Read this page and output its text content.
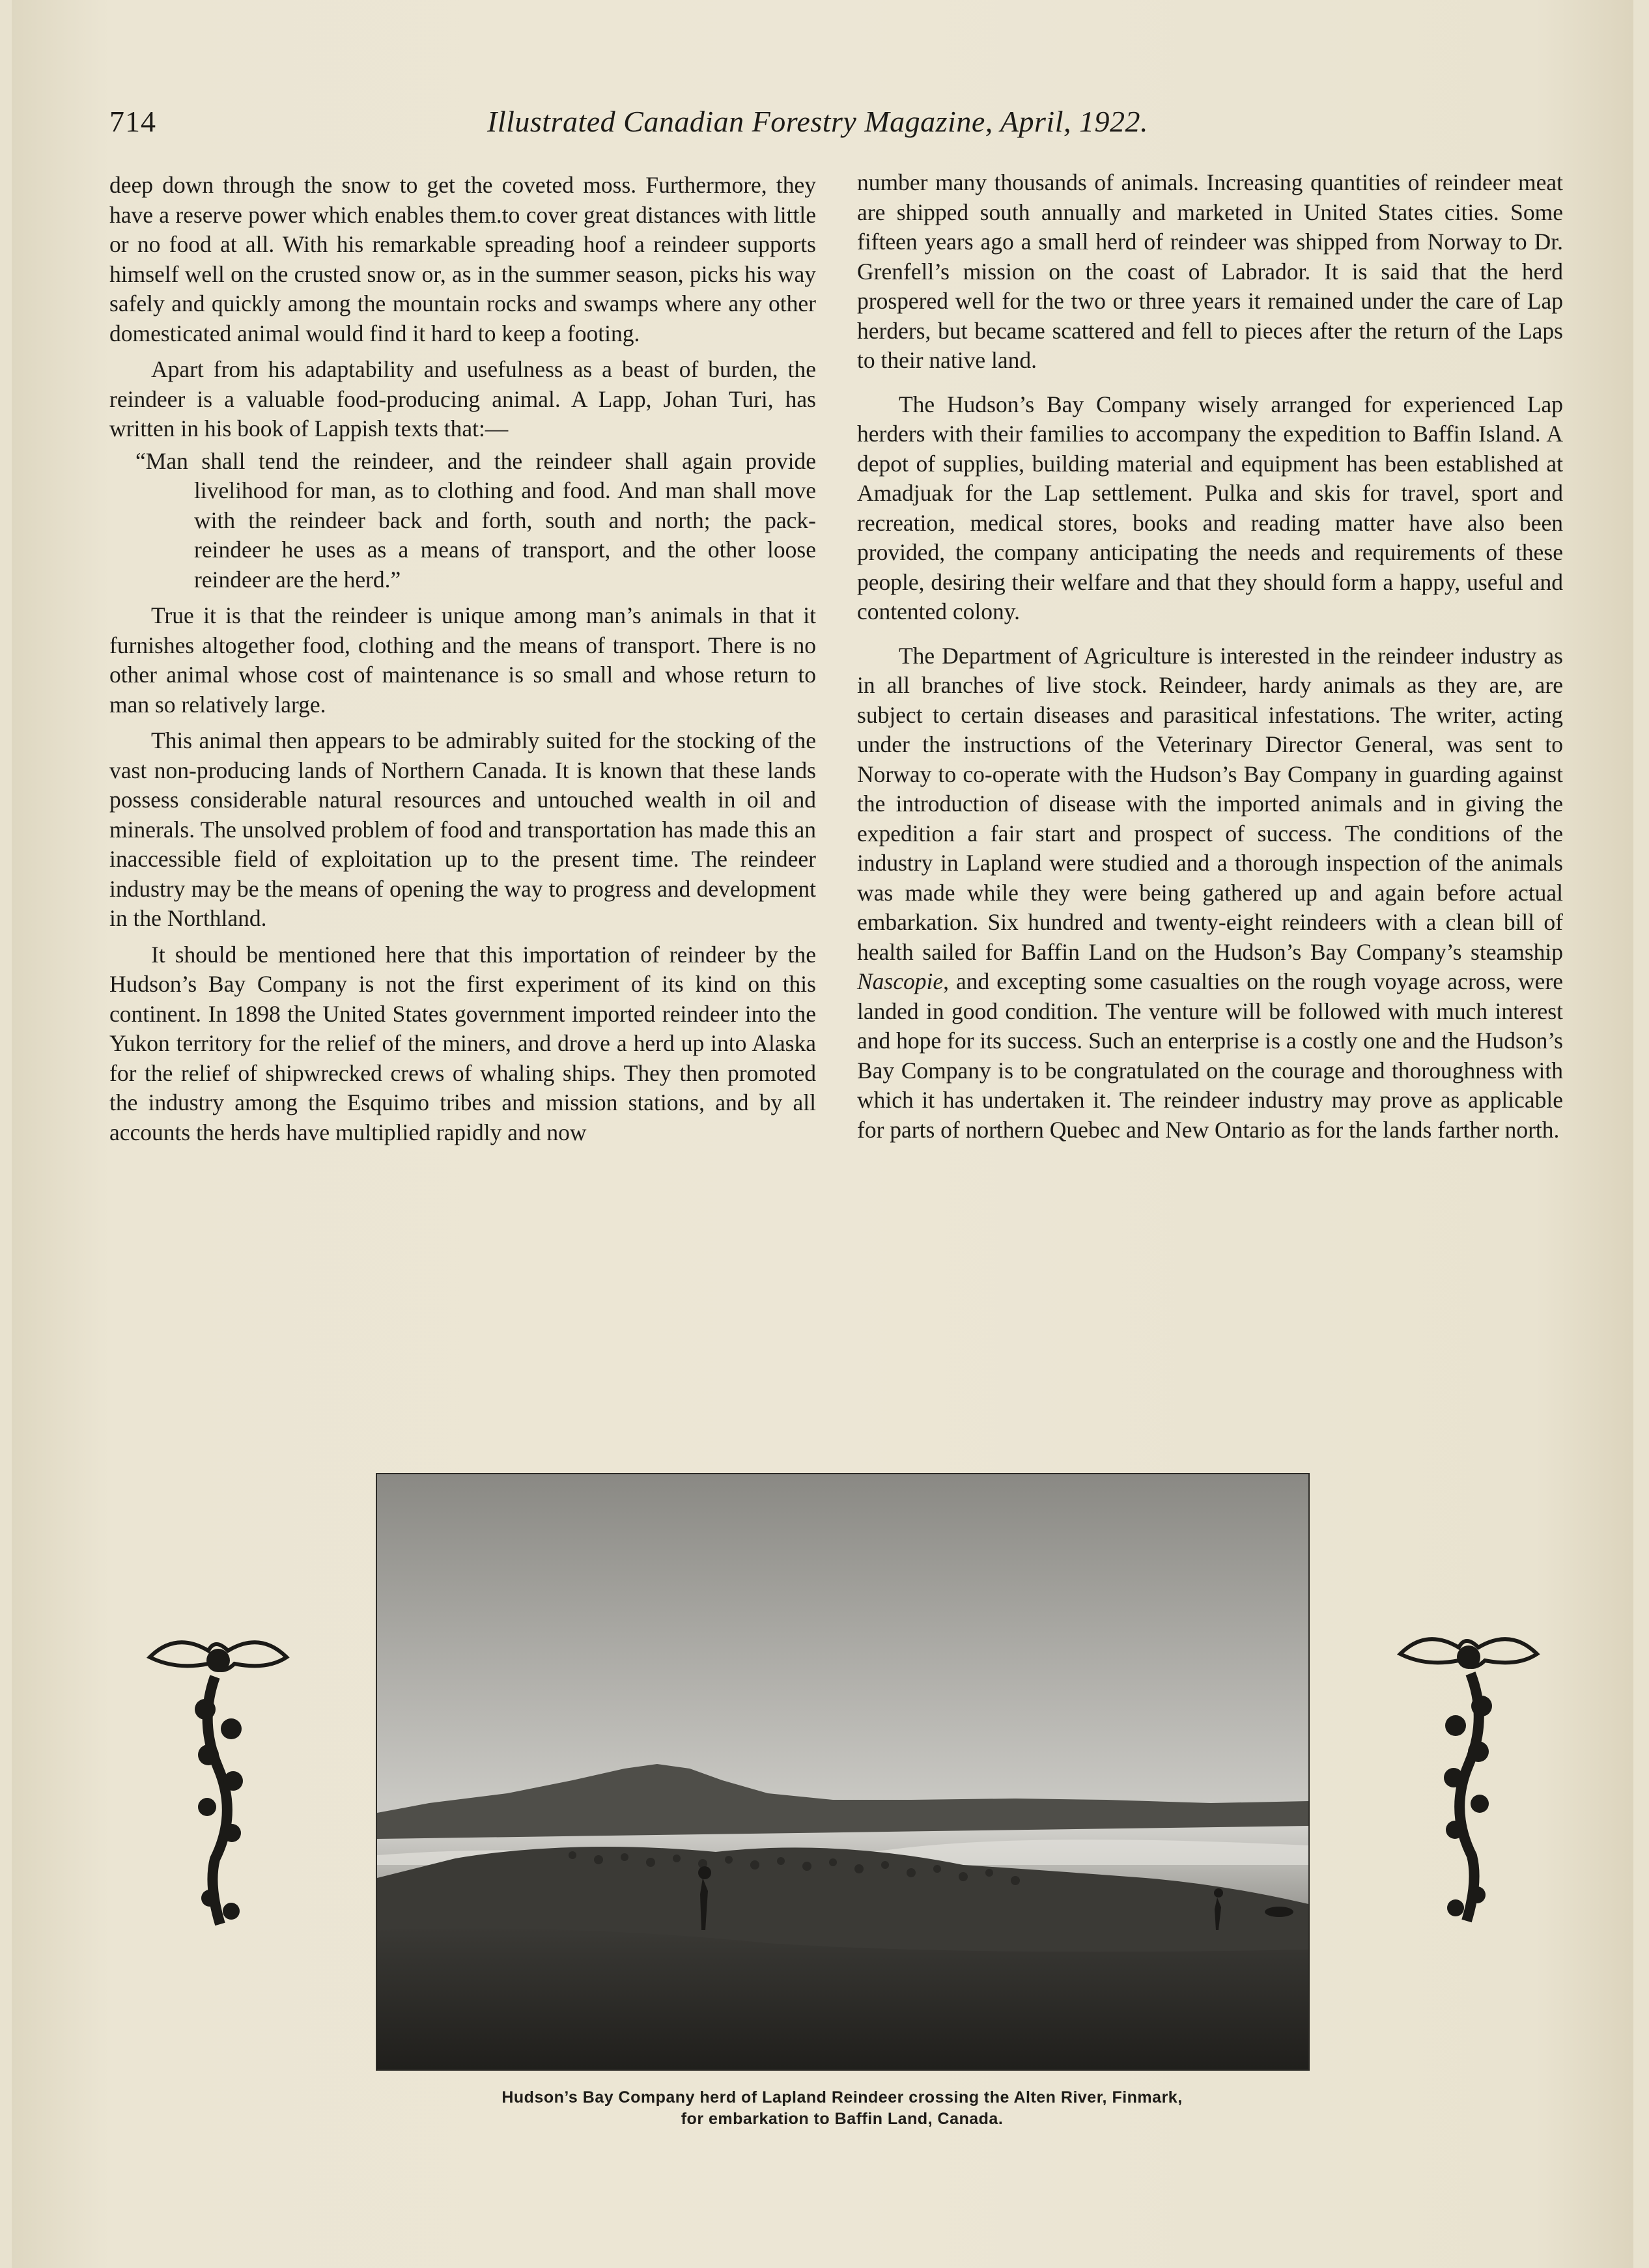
714	Illustrated Canadian Forestry Magazine, April, 1922.

deep down through the snow to get the coveted moss. Furthermore, they have a reserve power which enables them.to cover great distances with little or no food at all. With his remarkable spreading hoof a reindeer supports himself well on the crusted snow or, as in the summer season, picks his way safely and quickly among the mountain rocks and swamps where any other domesticated animal would find it hard to keep a footing.

Apart from his adaptability and usefulness as a beast of burden, the reindeer is a valuable food-producing animal. A Lapp, Johan Turi, has written in his book of Lappish texts that:—

“Man shall tend the reindeer, and the reindeer shall again provide livelihood for man, as to clothing and food. And man shall move with the reindeer back and forth, south and north; the pack-reindeer he uses as a means of transport, and the other loose reindeer are the herd.”

True it is that the reindeer is unique among man’s animals in that it furnishes altogether food, clothing and the means of transport. There is no other animal whose cost of maintenance is so small and whose return to man so relatively large.

This animal then appears to be admirably suited for the stocking of the vast non-producing lands of Northern Canada. It is known that these lands possess considerable natural resources and untouched wealth in oil and minerals. The unsolved problem of food and transportation has made this an inaccessible field of exploitation up to the present time. The reindeer industry may be the means of opening the way to progress and development in the Northland.

It should be mentioned here that this importation of reindeer by the Hudson’s Bay Company is not the first experiment of its kind on this continent. In 1898 the United States government imported reindeer into the Yukon territory for the relief of the miners, and drove a herd up into Alaska for the relief of shipwrecked crews of whaling ships. They then promoted the industry among the Esquimo tribes and mission stations, and by all accounts the herds have multiplied rapidly and now

number many thousands of animals. Increasing quantities of reindeer meat are shipped south annually and marketed in United States cities. Some fifteen years ago a small herd of reindeer was shipped from Norway to Dr. Grenfell’s mission on the coast of Labrador. It is said that the herd prospered well for the two or three years it remained under the care of Lap herders, but became scattered and fell to pieces after the return of the Laps to their native land.

The Hudson’s Bay Company wisely arranged for experienced Lap herders with their families to accompany the expedition to Baffin Island. A depot of supplies, building material and equipment has been established at Amadjuak for the Lap settlement. Pulka and skis for travel, sport and recreation, medical stores, books and reading matter have also been provided, the company anticipating the needs and requirements of these people, desiring their welfare and that they should form a happy, useful and contented colony.

The Department of Agriculture is interested in the reindeer industry as in all branches of live stock. Reindeer, hardy animals as they are, are subject to certain diseases and parasitical infestations. The writer, acting under the instructions of the Veterinary Director General, was sent to Norway to co-operate with the Hudson’s Bay Company in guarding against the introduction of disease with the imported animals and in giving the expedition a fair start and prospect of success. The conditions of the industry in Lapland were studied and a thorough inspection of the animals was made while they were being gathered up and again before actual embarkation. Six hundred and twenty-eight reindeers with a clean bill of health sailed for Baffin Land on the Hudson’s Bay Company’s steamship Nascopie, and excepting some casualties on the rough voyage across, were landed in good condition. The venture will be followed with much interest and hope for its success. Such an enterprise is a costly one and the Hudson’s Bay Company is to be congratulated on the courage and thoroughness with which it has undertaken it. The reindeer industry may prove as applicable for parts of northern Quebec and New Ontario as for the lands farther north.

Hudson’s Bay Company herd of Lapland Reindeer crossing the Alten River, Finmark,
for embarkation to Baffin Land, Canada.
